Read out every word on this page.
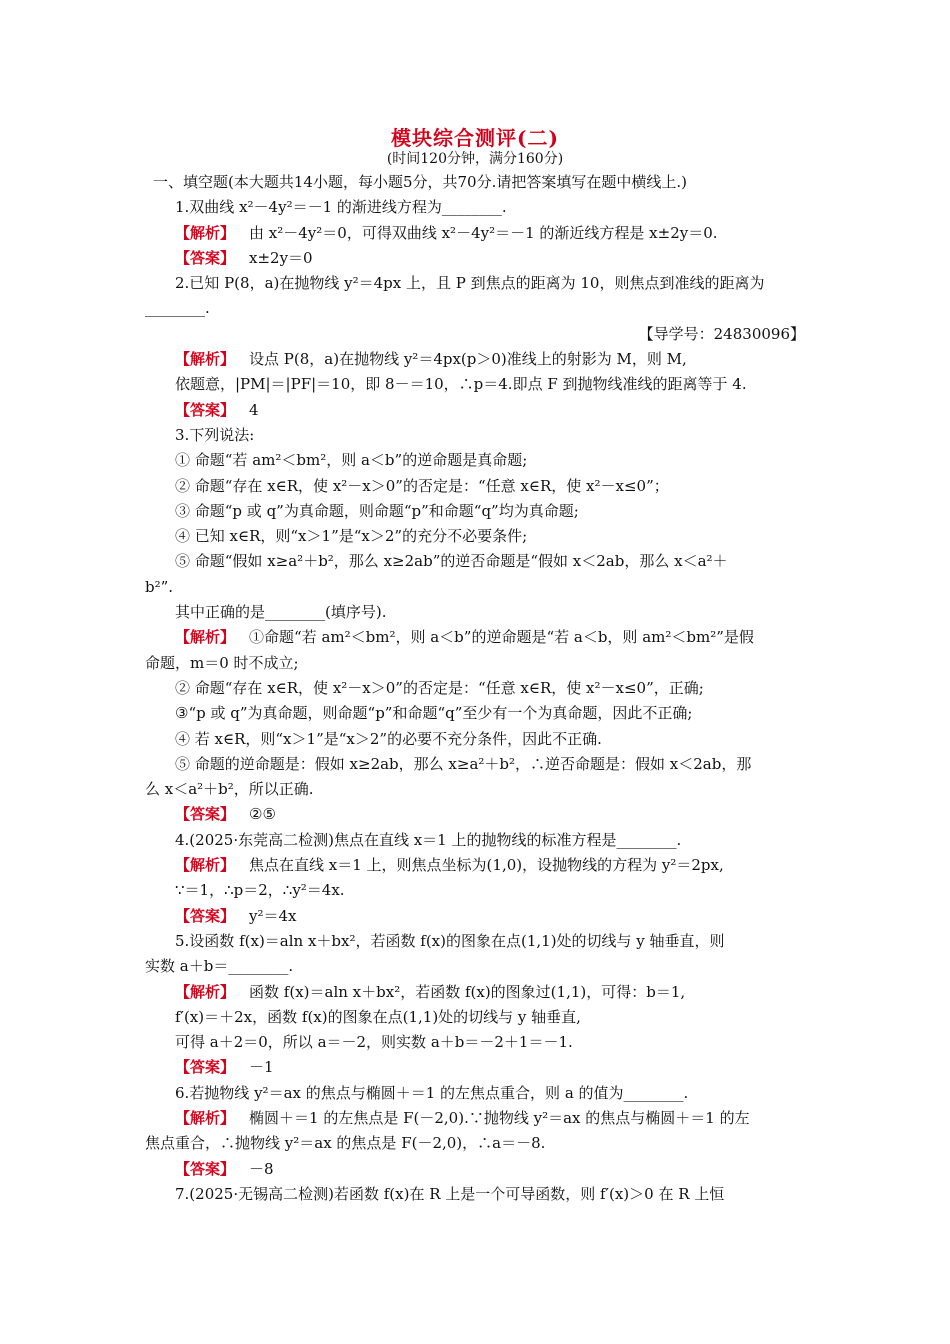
模块综合测评(二)
(时间120分钟，满分160分)
一、填空题(本大题共14小题，每小题5分，共70分.请把答案填写在题中横线上.)
1.双曲线 x²－4y²＝－1 的渐进线方程为________.
【解析】 由 x²－4y²＝0，可得双曲线 x²－4y²＝－1 的渐近线方程是 x±2y＝0.
【答案】 x±2y＝0
2.已知 P(8，a)在抛物线 y²＝4px 上，且 P 到焦点的距离为 10，则焦点到准线的距离为
________.
【导学号：24830096】
【解析】 设点 P(8，a)在抛物线 y²＝4px(p＞0)准线上的射影为 M，则 M,
依题意，|PM|＝|PF|＝10，即 8－＝10，∴p＝4.即点 F 到抛物线准线的距离等于 4.
【答案】 4
3.下列说法:
① 命题“若 am²＜bm²，则 a＜b”的逆命题是真命题;
② 命题“存在 x∈R，使 x²－x＞0”的否定是：“任意 x∈R，使 x²－x≤0”；
③ 命题“p 或 q”为真命题，则命题“p”和命题“q”均为真命题;
④ 已知 x∈R，则“x＞1”是“x＞2”的充分不必要条件;
⑤ 命题“假如 x≥a²＋b²，那么 x≥2ab”的逆否命题是“假如 x＜2ab，那么 x＜a²＋
b²”.
其中正确的是________(填序号).
【解析】 ①命题“若 am²＜bm²，则 a＜b”的逆命题是“若 a＜b，则 am²＜bm²”是假
命题，m＝0 时不成立;
② 命题“存在 x∈R，使 x²－x＞0”的否定是：“任意 x∈R，使 x²－x≤0”，正确;
③“p 或 q”为真命题，则命题“p”和命题“q”至少有一个为真命题，因此不正确;
④ 若 x∈R，则“x＞1”是“x＞2”的必要不充分条件，因此不正确.
⑤ 命题的逆命题是：假如 x≥2ab，那么 x≥a²＋b²，∴逆否命题是：假如 x＜2ab，那
么 x＜a²＋b²，所以正确.
【答案】 ②⑤
4.(2025·东莞高二检测)焦点在直线 x＝1 上的抛物线的标准方程是________.
【解析】 焦点在直线 x＝1 上，则焦点坐标为(1,0)，设抛物线的方程为 y²＝2px,
∵＝1，∴p＝2，∴y²＝4x.
【答案】 y²＝4x
5.设函数 f(x)＝aln x＋bx²，若函数 f(x)的图象在点(1,1)处的切线与 y 轴垂直，则
实数 a＋b＝________.
【解析】 函数 f(x)＝aln x＋bx²，若函数 f(x)的图象过(1,1)，可得：b＝1,
f′(x)＝＋2x，函数 f(x)的图象在点(1,1)处的切线与 y 轴垂直,
可得 a＋2＝0，所以 a＝－2，则实数 a＋b＝－2＋1＝－1.
【答案】 －1
6.若抛物线 y²＝ax 的焦点与椭圆＋＝1 的左焦点重合，则 a 的值为________.
【解析】 椭圆＋＝1 的左焦点是 F(－2,0).∵抛物线 y²＝ax 的焦点与椭圆＋＝1 的左
焦点重合，∴抛物线 y²＝ax 的焦点是 F(－2,0)，∴a＝－8.
【答案】 －8
7.(2025·无锡高二检测)若函数 f(x)在 R 上是一个可导函数，则 f′(x)＞0 在 R 上恒
